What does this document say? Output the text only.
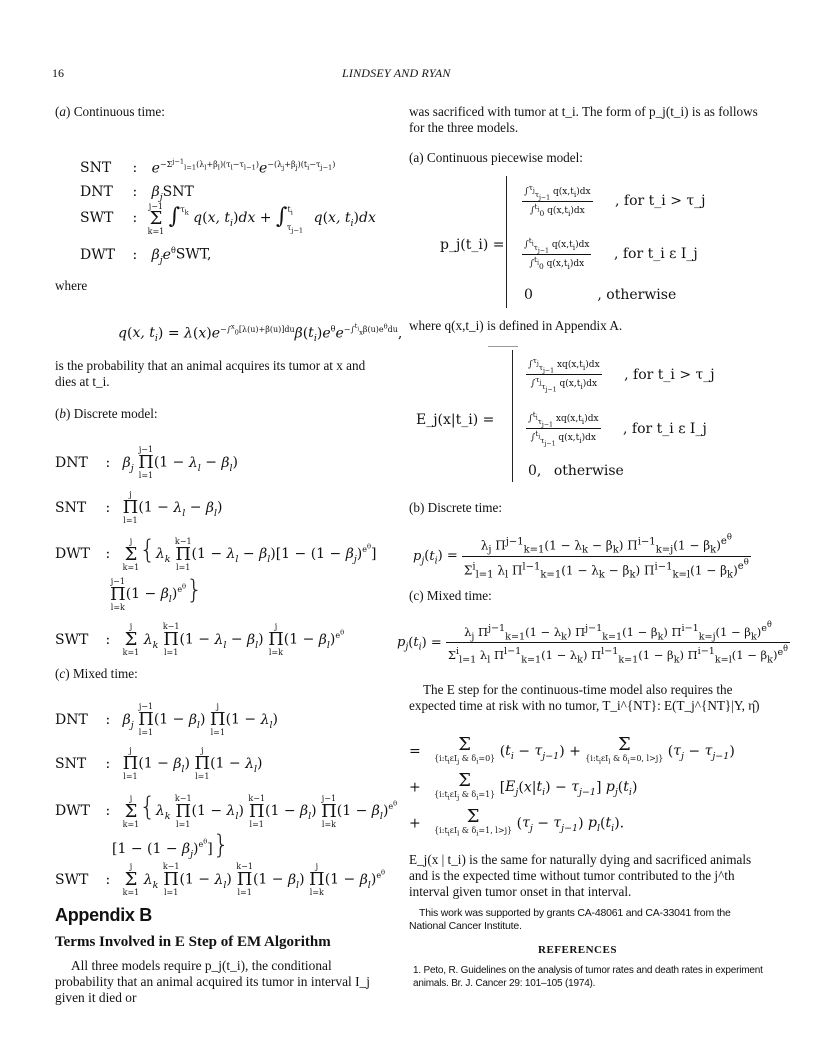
16	LINDSEY AND RYAN
(a) Continuous time:
SNT : $e^{-\Sigma^{j-1}_{l=1}(\lambda_l+\beta_l)(\tau_l-\tau_{l-1})}e^{-(\lambda_j+\beta_j)(t_i-\tau_{j-1})}$
DNT : $\beta_jSNT$
SWT :
j−1
Σ
k=1
∫$^{\tau_k}$ q(x, $t_i)dx + \int^{t_i}_{\tau_{j-1}}$ q(x, $t_i)dx$
DWT : $\beta_je^\theta SWT$,
where
q(x, $t_i) = \lambda(x)e^{-\int^x_0[\lambda(u)+\beta(u)]du}\beta(t_i)e^\theta e^{-\int^{t_i}_x\beta(u)e^\theta du}$,
is the probability that an animal acquires its tumor at x and dies at t_i.
(b) Discrete model:
DNT : $\beta_j$
j−1
Π
l=1
$(1 - \lambda_l - \beta_l)$
SNT :
j
Π
l=1
$(1 - \lambda_l - \beta_l)$
DWT :
j
Σ
k=1
{$\lambda_k$
k−1
Π
l=1
$(1 - \lambda_l - \beta_l)[1 - (1 - \beta_j)^{e^\theta}]$
j−1
Π
l=k
$(1 - \beta_l)^{e^\theta}$}
SWT :
j
Σ
k=1
$\lambda_k$
k−1
Π
l=1
$(1 - \lambda_l - \beta_l)$
j
Π
l=k
$(1 - \beta_l)^{e^\theta}$
(c) Mixed time:
DNT : $\beta_j$
j−1
Π
l=1
$(1 - \beta_l)$
j
Π
l=1
$(1 - \lambda_l)$
SNT :
j
Π
l=1
$(1 - \beta_l)$
j
Π
l=1
$(1 - \lambda_l)$
DWT :
j
Σ
k=1
{$\lambda_k$
k−1
Π
l=1
$(1 - \lambda_l)$
k−1
Π
l=1
$(1 - \beta_l)$
j−1
Π
l=k
$(1 - \beta_l)^{e^\theta}$
$[1 - (1 - \beta_j)^{e^\theta}]$}
SWT :
j
Σ
k=1
$\lambda_k$
k−1
Π
l=1
$(1 - \lambda_l)$
k−1
Π
l=1
$(1 - \beta_l)$
j
Π
l=k
$(1 - \beta_l)^{e^\theta}$
Appendix B
Terms Involved in E Step of EM Algorithm
All three models require p_j(t_i), the conditional probability that an animal acquired its tumor in interval I_j given it died or
was sacrificed with tumor at t_i. The form of p_j(t_i) is as follows for the three models.
(a) Continuous piecewise model:
p_j(t_i) =
$\frac{\int^{\tau_j}_{\tau_{j-1}} q(x,t_i)dx}{\int^{t_i}_0 q(x,t_i)dx}$ , for t_i > τ_j
$\frac{\int^{t_i}_{\tau_{j-1}} q(x,t_i)dx}{\int^{t_i}_0 q(x,t_i)dx}$ , for t_i ε I_j
0	, otherwise
where q(x,t_i) is defined in Appendix A.
E_j(x|t_i) =
$\frac{\int^{\tau_j}_{\tau_{j-1}} xq(x,t_i)dx}{\int^{\tau_j}_{\tau_{j-1}} q(x,t_i)dx}$ , for t_i > τ_j
$\frac{\int^{t_i}_{\tau_{j-1}} xq(x,t_i)dx}{\int^{t_i}_{\tau_{j-1}} q(x,t_i)dx}$ , for t_i ε I_j
0, otherwise
(b) Discrete time:
$p_j(t_i) = \frac{\lambda_j \Pi^{j-1}_{k=1}(1 - \lambda_k - \beta_k) \Pi^{i-1}_{k=j}(1 - \beta_k)^{e^\theta}}{\Sigma^i_{l=1} \lambda_l \Pi^{l-1}_{k=1}(1 - \lambda_k - \beta_k) \Pi^{i-1}_{k=l}(1 - \beta_k)^{e^\theta}}$
(c) Mixed time:
$p_j(t_i) = \frac{\lambda_j \Pi^{j-1}_{k=1}(1 - \lambda_k) \Pi^{j-1}_{k=1}(1 - \beta_k) \Pi^{i-1}_{k=j}(1 - \beta_k)^{e^\theta}}{\Sigma^i_{l=1} \lambda_l \Pi^{l-1}_{k=1}(1 - \lambda_k) \Pi^{l-1}_{k=1}(1 - \beta_k) \Pi^{i-1}_{k=l}(1 - \beta_k)^{e^\theta}}$
The E step for the continuous-time model also requires the expected time at risk with no tumor, T_i^{NT}: E(T_j^{NT}|Y, η̂)
=	Σ
{$i:t_i\varepsilon I_j$ & $\delta_i=0$} $(t_i - \tau_{j-1})$ +	Σ
{$i:t_i\varepsilon I_l$ & $\delta_i=0$, l>j} $(\tau_j - \tau_{j-1})$
+	Σ
{$i:t_i\varepsilon I_j$ & $\delta_i=1$} $[E_j(x|t_i) - \tau_{j-1}]$ $p_j(t_i)$
+	Σ
{$i:t_i\varepsilon I_l$ & $\delta_i=1$, l>j} $(\tau_j - \tau_{j-1})$ $p_l(t_i)$.
E_j(x | t_i) is the same for naturally dying and sacrificed animals and is the expected time without tumor contributed to the j^th interval given tumor onset in that interval.
This work was supported by grants CA-48061 and CA-33041 from the National Cancer Institute.
REFERENCES
1. Peto, R. Guidelines on the analysis of tumor rates and death rates in experiment animals. Br. J. Cancer 29: 101–105 (1974).
